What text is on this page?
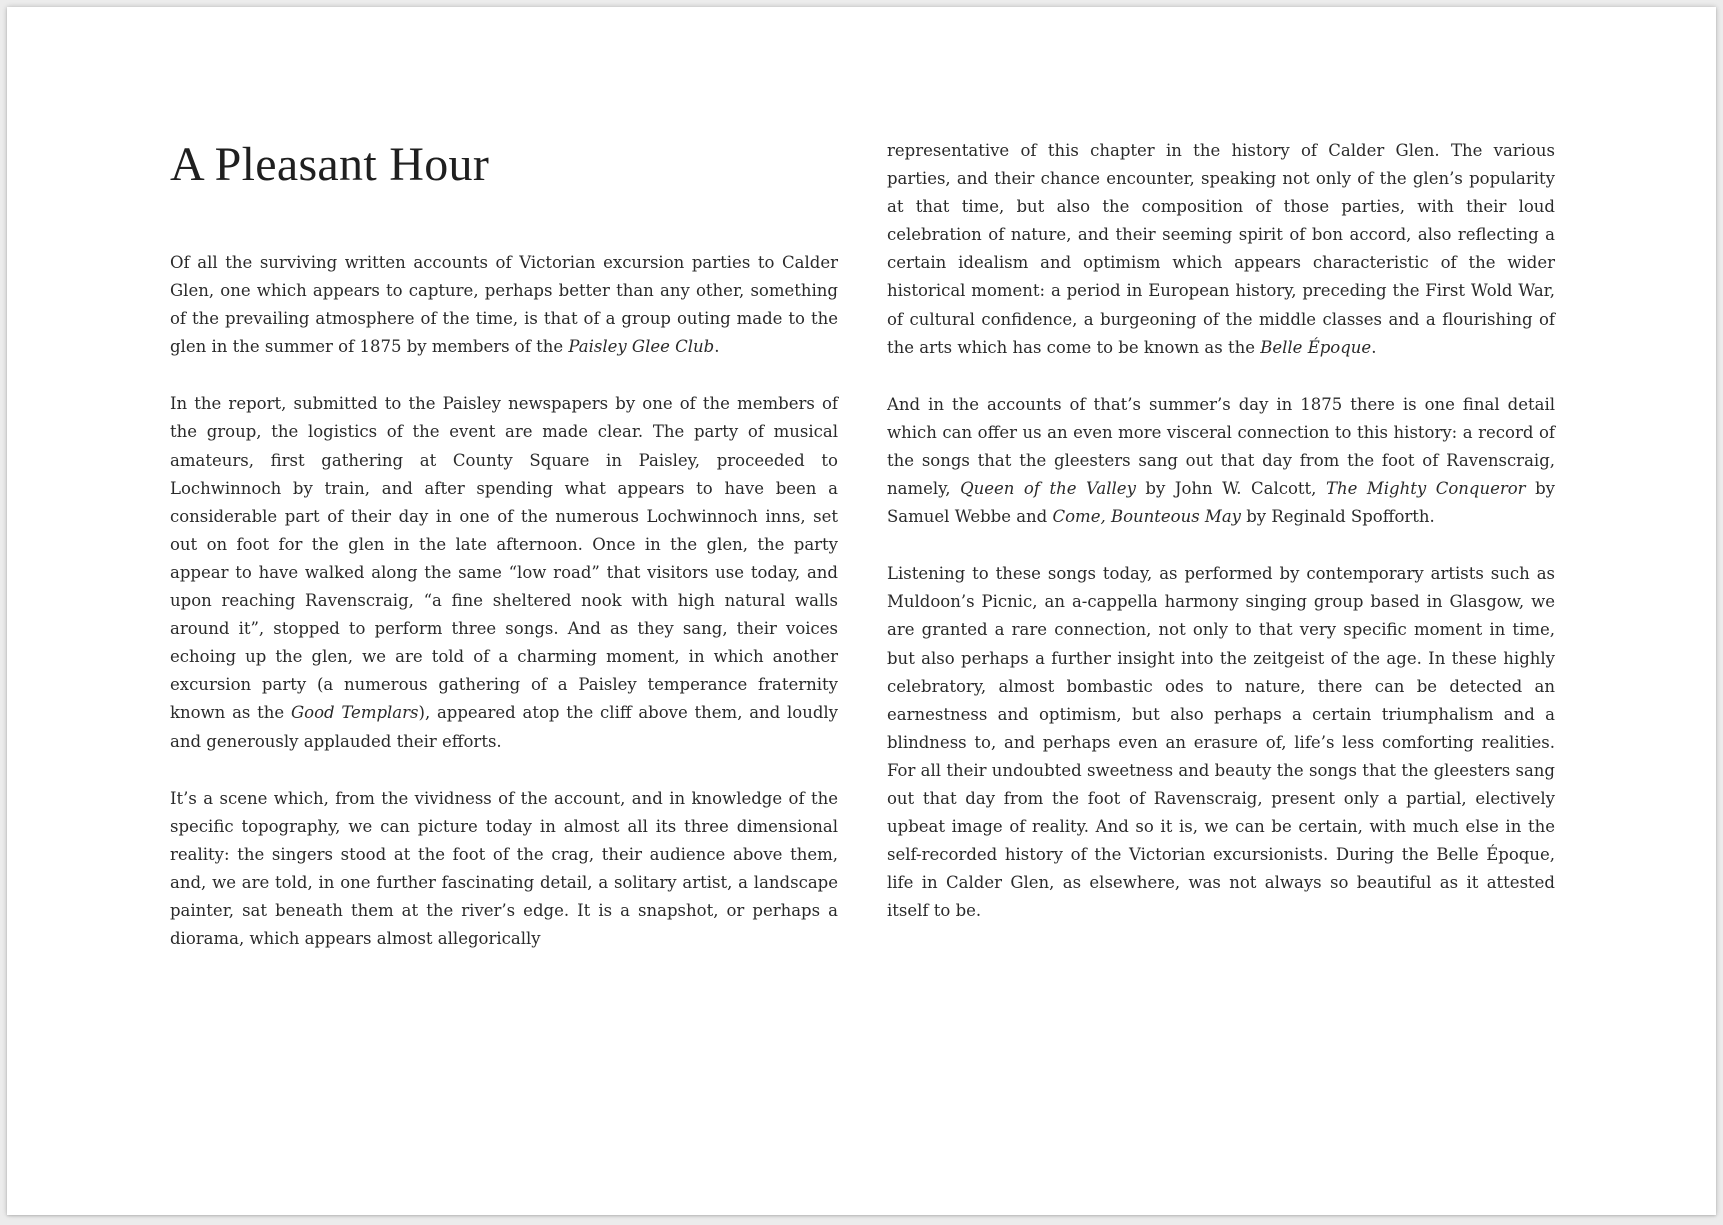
A Pleasant Hour

Of all the surviving written accounts of Victorian excursion parties to Calder Glen, one which appears to capture, perhaps better than any other, something of the prevailing atmosphere of the time, is that of a group outing made to the glen in the summer of 1875 by members of the Paisley Glee Club.

In the report, submitted to the Paisley newspapers by one of the members of the group, the logistics of the event are made clear. The party of musical amateurs, first gathering at County Square in Paisley, proceeded to Lochwinnoch by train, and after spending what appears to have been a considerable part of their day in one of the numerous Lochwinnoch inns, set out on foot for the glen in the late afternoon. Once in the glen, the party appear to have walked along the same “low road” that visitors use today, and upon reaching Ravenscraig, “a fine sheltered nook with high natural walls around it”, stopped to perform three songs. And as they sang, their voices echoing up the glen, we are told of a charming moment, in which another excursion party (a numerous gathering of a Paisley temperance fraternity known as the Good Templars), appeared atop the cliff above them, and loudly and generously applauded their efforts.

It’s a scene which, from the vividness of the account, and in knowledge of the specific topography, we can picture today in almost all its three dimensional reality: the singers stood at the foot of the crag, their audience above them, and, we are told, in one further fascinating detail, a solitary artist, a landscape painter, sat beneath them at the river’s edge. It is a snapshot, or perhaps a diorama, which appears almost allegorically

representative of this chapter in the history of Calder Glen. The various parties, and their chance encounter, speaking not only of the glen’s popularity at that time, but also the composition of those parties, with their loud celebration of nature, and their seeming spirit of bon accord, also reflecting a certain idealism and optimism which appears characteristic of the wider historical moment: a period in European history, preceding the First Wold War, of cultural confidence, a burgeoning of the middle classes and a flourishing of the arts which has come to be known as the Belle Époque.

And in the accounts of that’s summer’s day in 1875 there is one final detail which can offer us an even more visceral connection to this history: a record of the songs that the gleesters sang out that day from the foot of Ravenscraig, namely, Queen of the Valley by John W. Calcott, The Mighty Conqueror by Samuel Webbe and Come, Bounteous May by Reginald Spofforth.

Listening to these songs today, as performed by contemporary artists such as Muldoon’s Picnic, an a-cappella harmony singing group based in Glasgow, we are granted a rare connection, not only to that very specific moment in time, but also perhaps a further insight into the zeitgeist of the age. In these highly celebratory, almost bombastic odes to nature, there can be detected an earnestness and optimism, but also perhaps a certain triumphalism and a blindness to, and perhaps even an erasure of, life’s less comforting realities. For all their undoubted sweetness and beauty the songs that the gleesters sang out that day from the foot of Ravenscraig, present only a partial, electively upbeat image of reality. And so it is, we can be certain, with much else in the self-recorded history of the Victorian excursionists. During the Belle Époque, life in Calder Glen, as elsewhere, was not always so beautiful as it attested itself to be.
